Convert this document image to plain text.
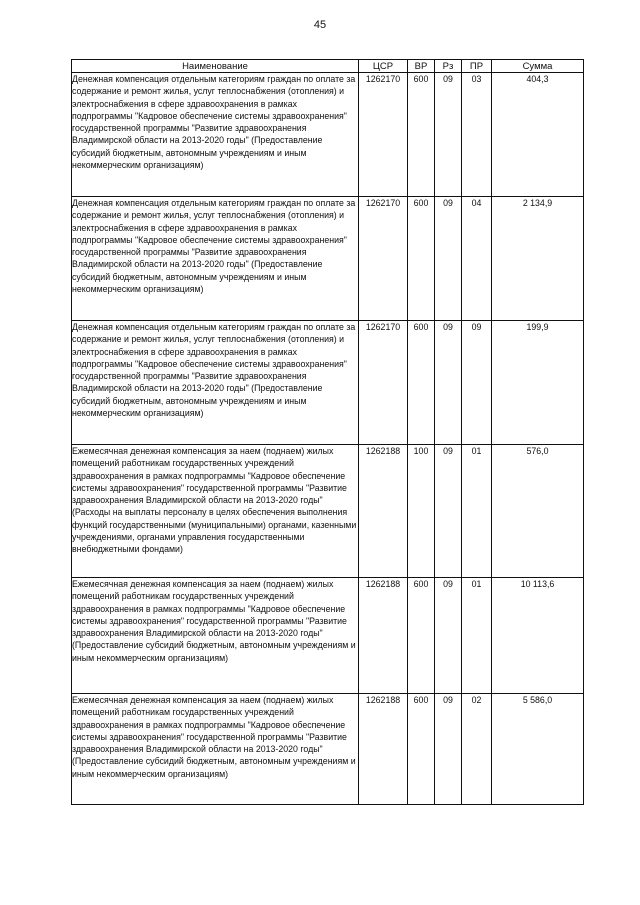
45
Наименование	ЦСР	ВР	Рз	ПР	Сумма
Денежная компенсация отдельным категориям граждан по оплате за содержание и ремонт жилья, услуг теплоснабжения (отопления) и электроснабжения в сфере здравоохранения в рамках подпрограммы "Кадровое обеспечение системы здравоохранения" государственной программы "Развитие здравоохранения Владимирской области на 2013-2020 годы" (Предоставление субсидий бюджетным, автономным учреждениям и иным некоммерческим организациям)	1262170	600	09	03	404,3
Денежная компенсация отдельным категориям граждан по оплате за содержание и ремонт жилья, услуг теплоснабжения (отопления) и электроснабжения в сфере здравоохранения в рамках подпрограммы "Кадровое обеспечение системы здравоохранения" государственной программы "Развитие здравоохранения Владимирской области на 2013-2020 годы" (Предоставление субсидий бюджетным, автономным учреждениям и иным некоммерческим организациям)	1262170	600	09	04	2 134,9
Денежная компенсация отдельным категориям граждан по оплате за содержание и ремонт жилья, услуг теплоснабжения (отопления) и электроснабжения в сфере здравоохранения в рамках подпрограммы "Кадровое обеспечение системы здравоохранения" государственной программы "Развитие здравоохранения Владимирской области на 2013-2020 годы" (Предоставление субсидий бюджетным, автономным учреждениям и иным некоммерческим организациям)	1262170	600	09	09	199,9
Ежемесячная денежная компенсация за наем (поднаем) жилых помещений работникам государственных учреждений здравоохранения в рамках подпрограммы "Кадровое обеспечение системы здравоохранения" государственной программы "Развитие здравоохранения Владимирской области на 2013-2020 годы" (Расходы на выплаты персоналу в целях обеспечения выполнения функций государственными (муниципальными) органами, казенными учреждениями, органами управления государственными внебюджетными фондами)	1262188	100	09	01	576,0
Ежемесячная денежная компенсация за наем (поднаем) жилых помещений работникам государственных учреждений здравоохранения в рамках подпрограммы "Кадровое обеспечение системы здравоохранения" государственной программы "Развитие здравоохранения Владимирской области на 2013-2020 годы" (Предоставление субсидий бюджетным, автономным учреждениям и иным некоммерческим организациям)	1262188	600	09	01	10 113,6
Ежемесячная денежная компенсация за наем (поднаем) жилых помещений работникам государственных учреждений здравоохранения в рамках подпрограммы "Кадровое обеспечение системы здравоохранения" государственной программы "Развитие здравоохранения Владимирской области на 2013-2020 годы" (Предоставление субсидий бюджетным, автономным учреждениям и иным некоммерческим организациям)	1262188	600	09	02	5 586,0
